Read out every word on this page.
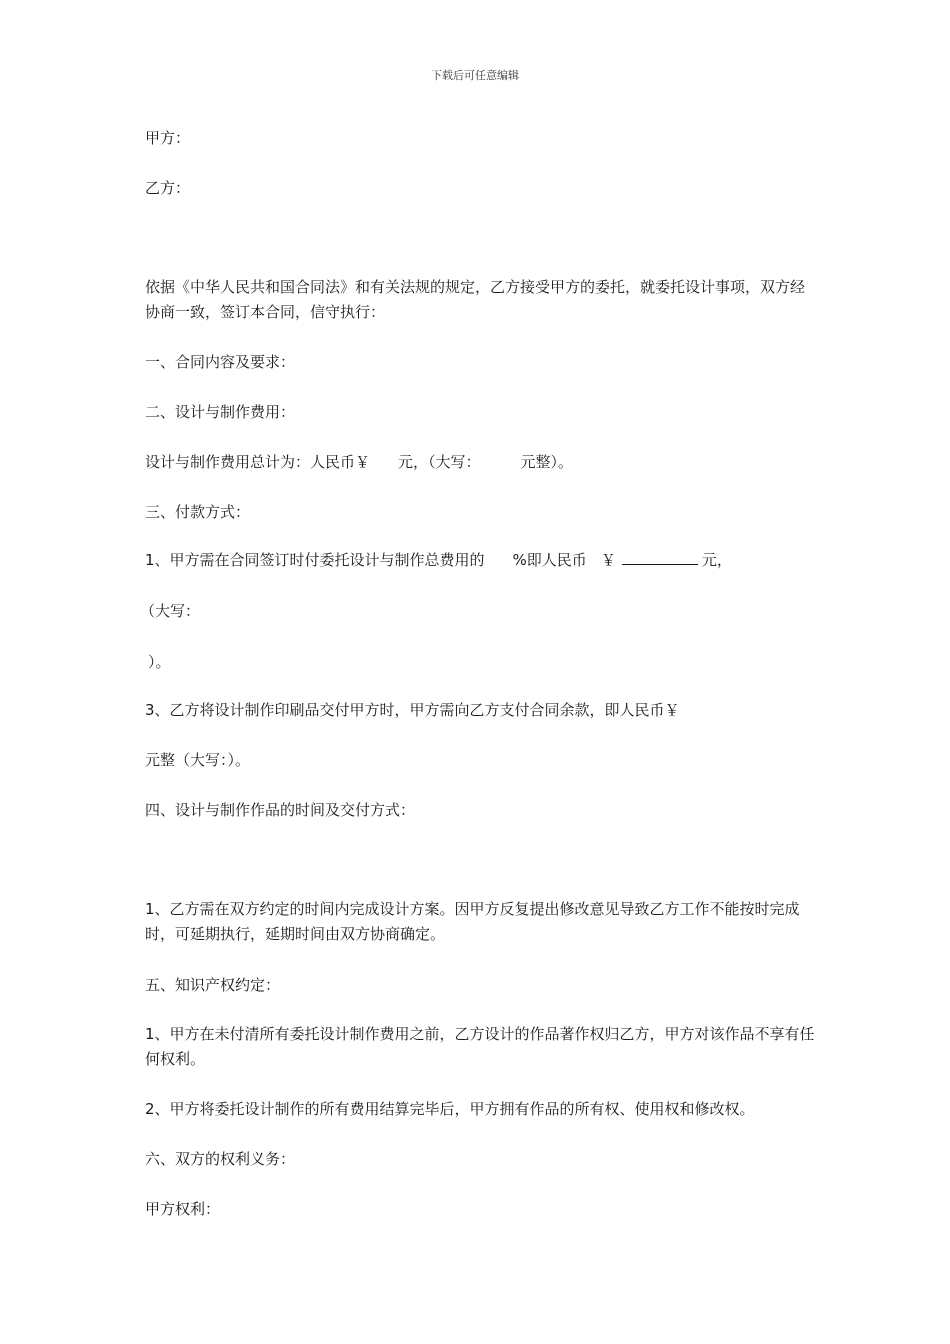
下载后可任意编辑
甲方：
乙方：
依据《中华人民共和国合同法》和有关法规的规定，乙方接受甲方的委托，就委托设计事项，双方经协商一致，签订本合同，信守执行：
一、合同内容及要求：
二、设计与制作费用：
设计与制作费用总计为：人民币￥ 元，（大写：	元整）。
三、付款方式：
1、甲方需在合同签订时付委托设计与制作总费用的 %即人民币 ￥	元，
（大写：
）。
3、乙方将设计制作印刷品交付甲方时，甲方需向乙方支付合同余款，即人民币￥
元整（大写：）。
四、设计与制作作品的时间及交付方式：
1、乙方需在双方约定的时间内完成设计方案。因甲方反复提出修改意见导致乙方工作不能按时完成时，可延期执行，延期时间由双方协商确定。
五、知识产权约定：
1、甲方在未付清所有委托设计制作费用之前，乙方设计的作品著作权归乙方，甲方对该作品不享有任何权利。
2、甲方将委托设计制作的所有费用结算完毕后，甲方拥有作品的所有权、使用权和修改权。
六、双方的权利义务：
甲方权利：
